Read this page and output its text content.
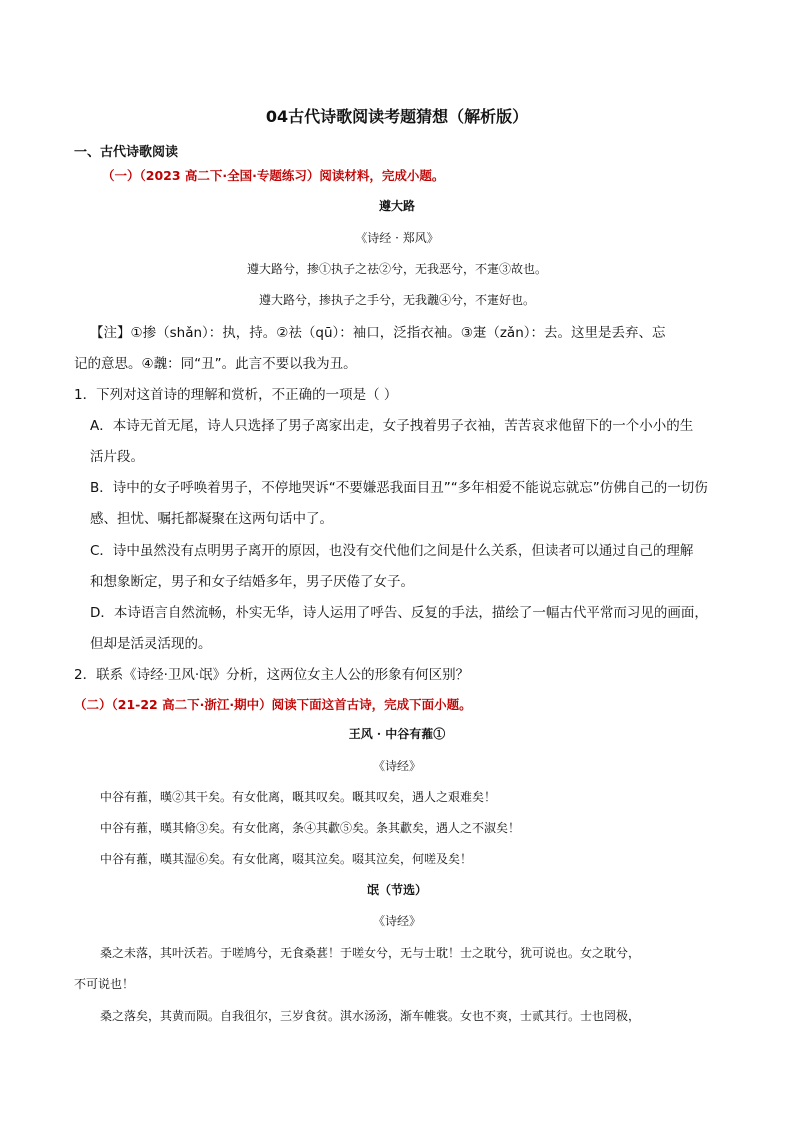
04古代诗歌阅读考题猜想（解析版）
一、古代诗歌阅读
（一）（2023 高二下·全国·专题练习）阅读材料，完成小题。
遵大路
《诗经 · 郑风》
遵大路兮，掺①执子之祛②兮，无我恶兮，不寁③故也。
遵大路兮，掺执子之手兮，无我魗④兮，不寁好也。
【注】①掺（shǎn）：执，持。②祛（qū）：袖口，泛指衣袖。③寁（zǎn）：去。这里是丢弃、忘
记的意思。④魗：同“丑”。此言不要以我为丑。
1．下列对这首诗的理解和赏析，不正确的一项是（ ）
A．本诗无首无尾，诗人只选择了男子离家出走，女子拽着男子衣袖，苦苦哀求他留下的一个小小的生
活片段。
B．诗中的女子呼唤着男子，不停地哭诉“不要嫌恶我面目丑”“多年相爱不能说忘就忘”仿佛自己的一切伤
感、担忧、嘱托都凝聚在这两句话中了。
C．诗中虽然没有点明男子离开的原因，也没有交代他们之间是什么关系，但读者可以通过自己的理解
和想象断定，男子和女子结婚多年，男子厌倦了女子。
D．本诗语言自然流畅，朴实无华，诗人运用了呼告、反复的手法，描绘了一幅古代平常而习见的画面，
但却是活灵活现的。
2．联系《诗经·卫风·氓》分析，这两位女主人公的形象有何区别？
（二）（21-22 高二下·浙江·期中）阅读下面这首古诗，完成下面小题。
王风 · 中谷有蓷①
《诗经》
中谷有蓷，暵②其干矣。有女仳离，嘅其叹矣。嘅其叹矣，遇人之艰难矣！
中谷有蓷，暵其脩③矣。有女仳离，条④其歗⑤矣。条其歗矣，遇人之不淑矣！
中谷有蓷，暵其湿⑥矣。有女仳离，啜其泣矣。啜其泣矣，何嗟及矣！
氓（节选）
《诗经》
桑之未落，其叶沃若。于嗟鸠兮，无食桑葚！于嗟女兮，无与士耽！士之耽兮，犹可说也。女之耽兮，
不可说也！
桑之落矣，其黄而陨。自我徂尔，三岁食贫。淇水汤汤，渐车帷裳。女也不爽，士贰其行。士也罔极，
